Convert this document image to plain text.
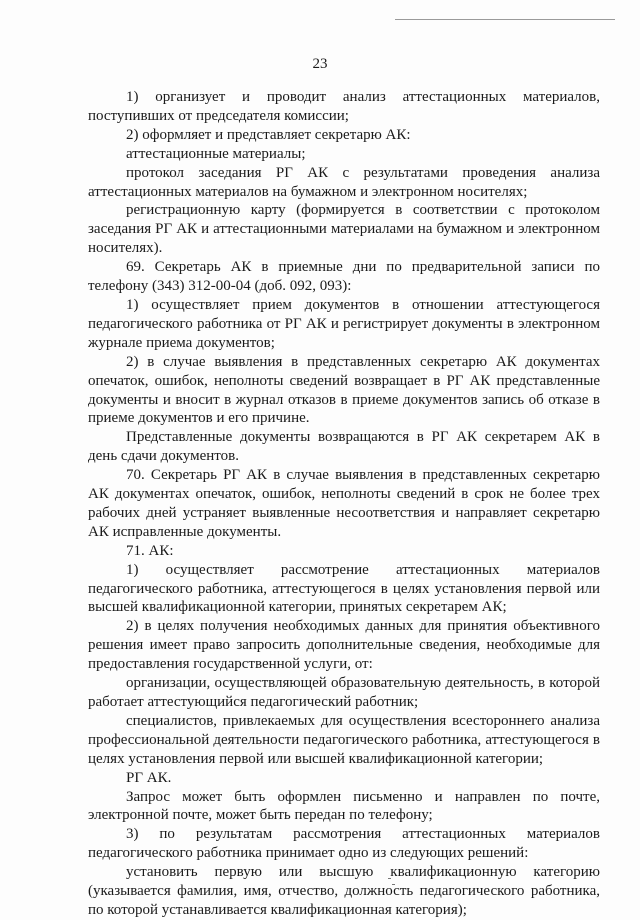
23

1) организует и проводит анализ аттестационных материалов, поступивших от председателя комиссии;

2) оформляет и представляет секретарю АК:

аттестационные материалы;

протокол заседания РГ АК с результатами проведения анализа аттестационных материалов на бумажном и электронном носителях;

регистрационную карту (формируется в соответствии с протоколом заседания РГ АК и аттестационными материалами на бумажном и электронном носителях).

69. Секретарь АК в приемные дни по предварительной записи по телефону (343) 312-00-04 (доб. 092, 093):

1) осуществляет прием документов в отношении аттестующегося педагогического работника от РГ АК и регистрирует документы в электронном журнале приема документов;

2) в случае выявления в представленных секретарю АК документах опечаток, ошибок, неполноты сведений возвращает в РГ АК представленные документы и вносит в журнал отказов в приеме документов запись об отказе в приеме документов и его причине.

Представленные документы возвращаются в РГ АК секретарем АК в день сдачи документов.

70. Секретарь РГ АК в случае выявления в представленных секретарю АК документах опечаток, ошибок, неполноты сведений в срок не более трех рабочих дней устраняет выявленные несоответствия и направляет секретарю АК исправленные документы.

71. АК:

1) осуществляет рассмотрение аттестационных материалов педагогического работника, аттестующегося в целях установления первой или высшей квалификационной категории, принятых секретарем АК;

2) в целях получения необходимых данных для принятия объективного решения имеет право запросить дополнительные сведения, необходимые для предоставления государственной услуги, от:

организации, осуществляющей образовательную деятельность, в которой работает аттестующийся педагогический работник;

специалистов, привлекаемых для осуществления всестороннего анализа профессиональной деятельности педагогического работника, аттестующегося в целях установления первой или высшей квалификационной категории;

РГ АК.

Запрос может быть оформлен письменно и направлен по почте, электронной почте, может быть передан по телефону;

3) по результатам рассмотрения аттестационных материалов педагогического работника принимает одно из следующих решений:

установить первую или высшую квалификационную категорию (указывается фамилия, имя, отчество, должность педагогического работника, по которой устанавливается квалификационная категория);
